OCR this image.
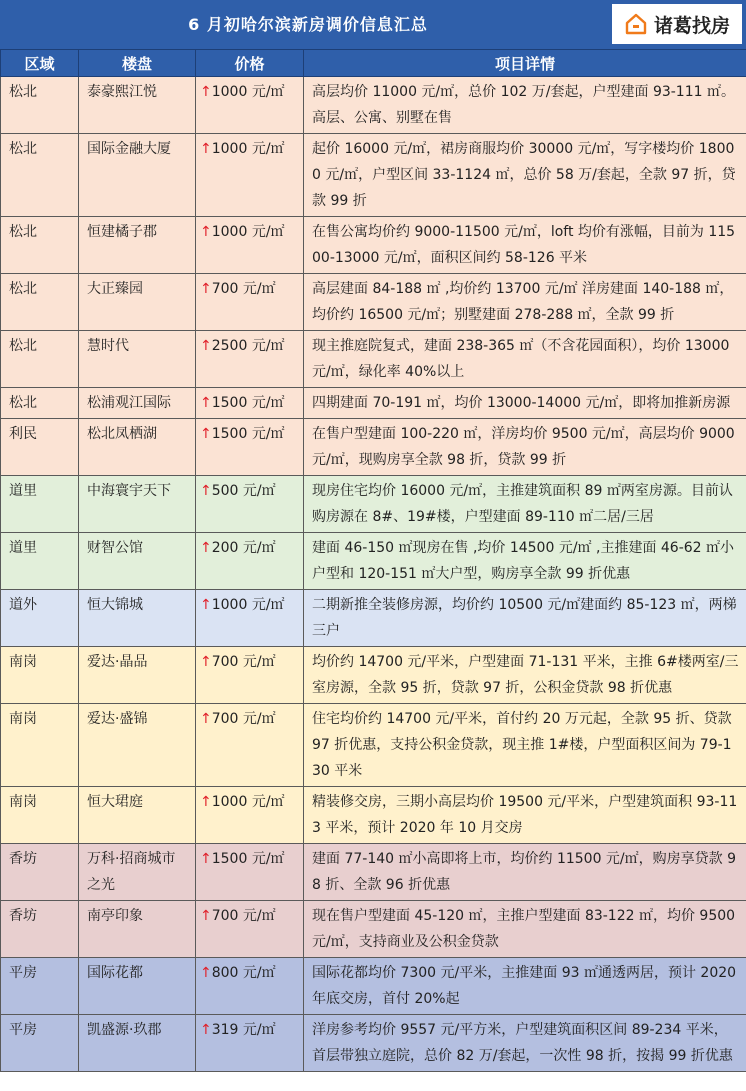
6 月初哈尔滨新房调价信息汇总	诸葛找房
区域	楼盘	价格	项目详情
松北	泰豪熙江悦	↑1000 元/㎡	高层均价 11000 元/㎡，总价 102 万/套起，户型建面 93-111 ㎡。高层、公寓、别墅在售
松北	国际金融大厦	↑1000 元/㎡	起价 16000 元/㎡，裙房商服均价 30000 元/㎡，写字楼均价 18000 元/㎡，户型区间 33-1124 ㎡，总价 58 万/套起，全款 97 折，贷款 99 折
松北	恒建橘子郡	↑1000 元/㎡	在售公寓均价约 9000-11500 元/㎡，loft 均价有涨幅，目前为 11500-13000 元/㎡，面积区间约 58-126 平米
松北	大正臻园	↑700 元/㎡	高层建面 84-188 ㎡ ,均价约 13700 元/㎡ 洋房建面 140-188 ㎡，均价约 16500 元/㎡；别墅建面 278-288 ㎡，全款 99 折
松北	慧时代	↑2500 元/㎡	现主推庭院复式，建面 238-365 ㎡（不含花园面积），均价 13000 元/㎡，绿化率 40%以上
松北	松浦观江国际	↑1500 元/㎡	四期建面 70-191 ㎡，均价 13000-14000 元/㎡，即将加推新房源
利民	松北凤栖湖	↑1500 元/㎡	在售户型建面 100-220 ㎡，洋房均价 9500 元/㎡，高层均价 9000 元/㎡，现购房享全款 98 折，贷款 99 折
道里	中海寰宇天下	↑500 元/㎡	现房住宅均价 16000 元/㎡，主推建筑面积 89 ㎡两室房源。目前认购房源在 8#、19#楼，户型建面 89-110 ㎡二居/三居
道里	财智公馆	↑200 元/㎡	建面 46-150 ㎡现房在售 ,均价 14500 元/㎡ ,主推建面 46-62 ㎡小户型和 120-151 ㎡大户型，购房享全款 99 折优惠
道外	恒大锦城	↑1000 元/㎡	二期新推全装修房源，均价约 10500 元/㎡建面约 85-123 ㎡，两梯三户
南岗	爱达·晶品	↑700 元/㎡	均价约 14700 元/平米，户型建面 71-131 平米，主推 6#楼两室/三室房源，全款 95 折，贷款 97 折，公积金贷款 98 折优惠
南岗	爱达·盛锦	↑700 元/㎡	住宅均价约 14700 元/平米，首付约 20 万元起，全款 95 折、贷款 97 折优惠，支持公积金贷款，现主推 1#楼，户型面积区间为 79-130 平米
南岗	恒大珺庭	↑1000 元/㎡	精装修交房，三期小高层均价 19500 元/平米，户型建筑面积 93-113 平米，预计 2020 年 10 月交房
香坊	万科·招商城市之光	↑1500 元/㎡	建面 77-140 ㎡小高即将上市，均价约 11500 元/㎡，购房享贷款 98 折、全款 96 折优惠
香坊	南亭印象	↑700 元/㎡	现在售户型建面 45-120 ㎡，主推户型建面 83-122 ㎡，均价 9500 元/㎡，支持商业及公积金贷款
平房	国际花都	↑800 元/㎡	国际花都均价 7300 元/平米，主推建面 93 ㎡通透两居，预计 2020 年底交房，首付 20%起
平房	凯盛源·玖郡	↑319 元/㎡	洋房参考均价 9557 元/平方米，户型建筑面积区间 89-234 平米，首层带独立庭院，总价 82 万/套起，一次性 98 折，按揭 99 折优惠
